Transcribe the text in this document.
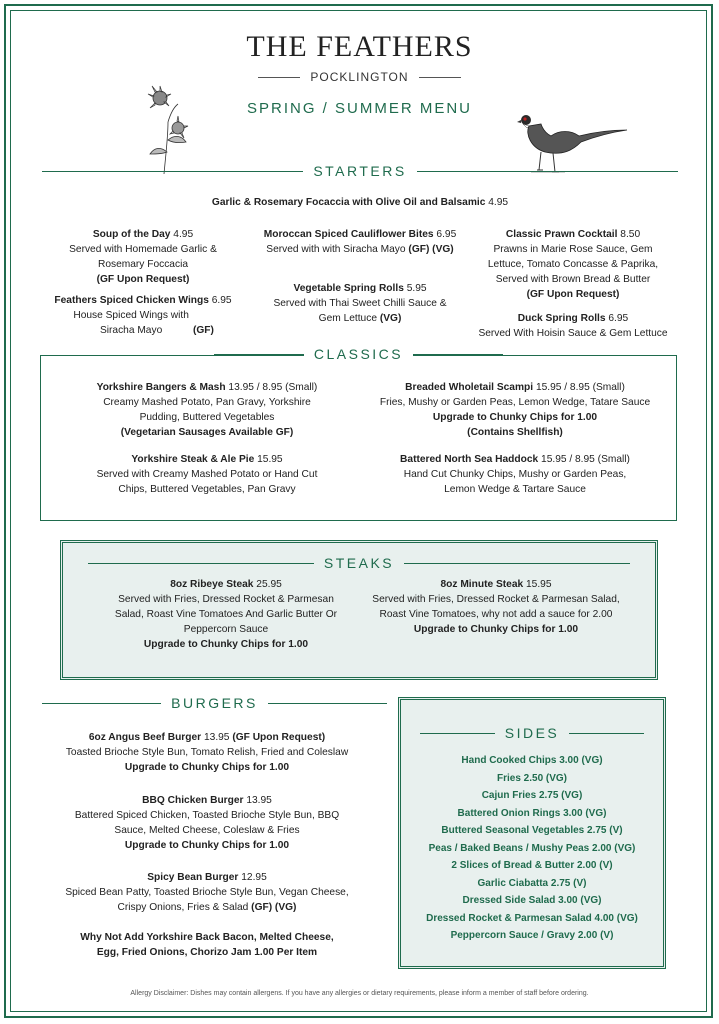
THE FEATHERS
POCKLINGTON
SPRING / SUMMER MENU
STARTERS
Garlic & Rosemary Focaccia with Olive Oil and Balsamic 4.95
Soup of the Day 4.95
Served with Homemade Garlic & Rosemary Foccacia
(GF Upon Request)
Feathers Spiced Chicken Wings 6.95
House Spiced Wings with Siracha Mayo	(GF)
Moroccan Spiced Cauliflower Bites 6.95
Served with with Siracha Mayo (GF) (VG)
Vegetable Spring Rolls 5.95
Served with Thai Sweet Chilli Sauce & Gem Lettuce (VG)
Classic Prawn Cocktail 8.50
Prawns in Marie Rose Sauce, Gem Lettuce, Tomato Concasse & Paprika, Served with Brown Bread & Butter
(GF Upon Request)
Duck Spring Rolls 6.95
Served With Hoisin Sauce & Gem Lettuce
CLASSICS
Yorkshire Bangers & Mash 13.95 / 8.95 (Small)
Creamy Mashed Potato, Pan Gravy, Yorkshire Pudding, Buttered Vegetables
(Vegetarian Sausages Available GF)
Yorkshire Steak & Ale Pie 15.95
Served with Creamy Mashed Potato or Hand Cut Chips, Buttered Vegetables, Pan Gravy
Breaded Wholetail Scampi 15.95 / 8.95 (Small)
Fries, Mushy or Garden Peas, Lemon Wedge, Tatare Sauce
Upgrade to Chunky Chips for 1.00
(Contains Shellfish)
Battered North Sea Haddock 15.95 / 8.95 (Small)
Hand Cut Chunky Chips, Mushy or Garden Peas, Lemon Wedge & Tartare Sauce
STEAKS
8oz Ribeye Steak 25.95
Served with Fries, Dressed Rocket & Parmesan Salad, Roast Vine Tomatoes And Garlic Butter Or Peppercorn Sauce
Upgrade to Chunky Chips for 1.00
8oz Minute Steak 15.95
Served with Fries, Dressed Rocket & Parmesan Salad, Roast Vine Tomatoes, why not add a sauce for 2.00
Upgrade to Chunky Chips for 1.00
BURGERS
6oz Angus Beef Burger 13.95 (GF Upon Request)
Toasted Brioche Style Bun, Tomato Relish, Fried and Coleslaw
Upgrade to Chunky Chips for 1.00
BBQ Chicken Burger 13.95
Battered Spiced Chicken, Toasted Brioche Style Bun, BBQ Sauce, Melted Cheese, Coleslaw & Fries
Upgrade to Chunky Chips for 1.00
Spicy Bean Burger 12.95
Spiced Bean Patty, Toasted Brioche Style Bun, Vegan Cheese, Crispy Onions, Fries & Salad (GF) (VG)
Why Not Add Yorkshire Back Bacon, Melted Cheese, Egg, Fried Onions, Chorizo Jam 1.00 Per Item
SIDES
Hand Cooked Chips 3.00 (VG)
Fries 2.50 (VG)
Cajun Fries 2.75 (VG)
Battered Onion Rings 3.00 (VG)
Buttered Seasonal Vegetables 2.75 (V)
Peas / Baked Beans / Mushy Peas 2.00 (VG)
2 Slices of Bread & Butter 2.00 (V)
Garlic Ciabatta 2.75 (V)
Dressed Side Salad 3.00 (VG)
Dressed Rocket & Parmesan Salad 4.00 (VG)
Peppercorn Sauce / Gravy 2.00 (V)
Allergy Disclaimer: Dishes may contain allergens. If you have any allergies or dietary requirements, please inform a member of staff before ordering.
